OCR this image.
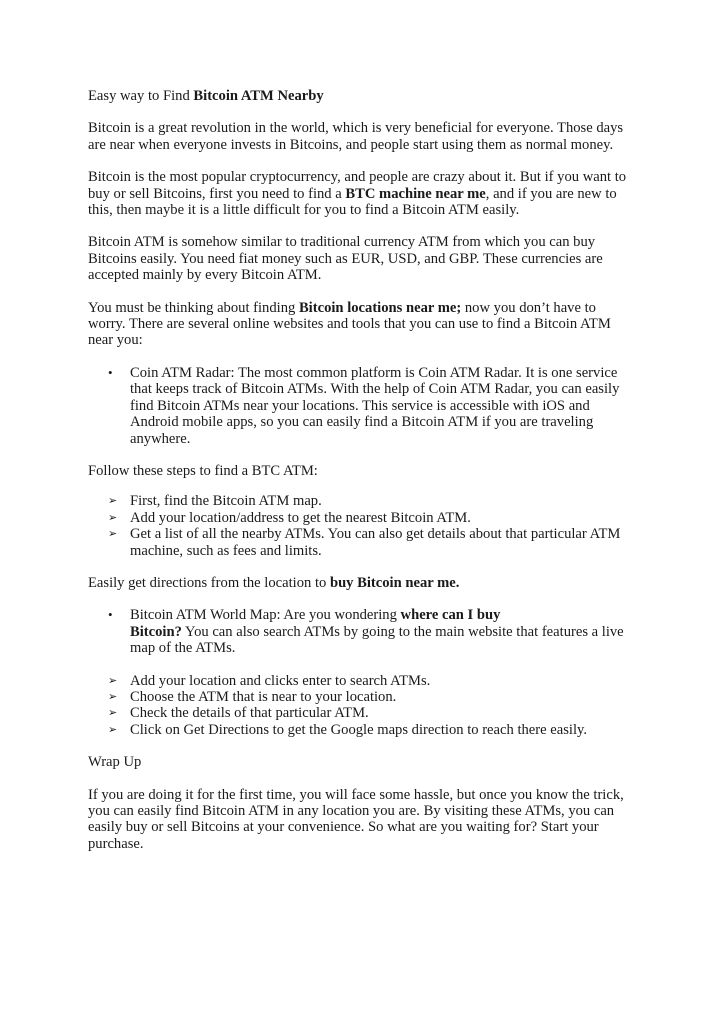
Easy way to Find Bitcoin ATM Nearby

Bitcoin is a great revolution in the world, which is very beneficial for everyone. Those days are near when everyone invests in Bitcoins, and people start using them as normal money.

Bitcoin is the most popular cryptocurrency, and people are crazy about it. But if you want to buy or sell Bitcoins, first you need to find a BTC machine near me, and if you are new to this, then maybe it is a little difficult for you to find a Bitcoin ATM easily.

Bitcoin ATM is somehow similar to traditional currency ATM from which you can buy Bitcoins easily. You need fiat money such as EUR, USD, and GBP. These currencies are accepted mainly by every Bitcoin ATM.

You must be thinking about finding Bitcoin locations near me; now you don’t have to worry. There are several online websites and tools that you can use to find a Bitcoin ATM near you:

•	Coin ATM Radar: The most common platform is Coin ATM Radar. It is one service that keeps track of Bitcoin ATMs. With the help of Coin ATM Radar, you can easily find Bitcoin ATMs near your locations. This service is accessible with iOS and Android mobile apps, so you can easily find a Bitcoin ATM if you are traveling anywhere.

Follow these steps to find a BTC ATM:

➢ First, find the Bitcoin ATM map.
➢ Add your location/address to get the nearest Bitcoin ATM.
➢ Get a list of all the nearby ATMs. You can also get details about that particular ATM machine, such as fees and limits.

Easily get directions from the location to buy Bitcoin near me.

•	Bitcoin ATM World Map: Are you wondering where can I buy
Bitcoin? You can also search ATMs by going to the main website that features a live map of the ATMs.
➢ Add your location and clicks enter to search ATMs.
➢ Choose the ATM that is near to your location.
➢ Check the details of that particular ATM.
➢ Click on Get Directions to get the Google maps direction to reach there easily.

Wrap Up

If you are doing it for the first time, you will face some hassle, but once you know the trick, you can easily find Bitcoin ATM in any location you are. By visiting these ATMs, you can easily buy or sell Bitcoins at your convenience. So what are you waiting for? Start your purchase.
